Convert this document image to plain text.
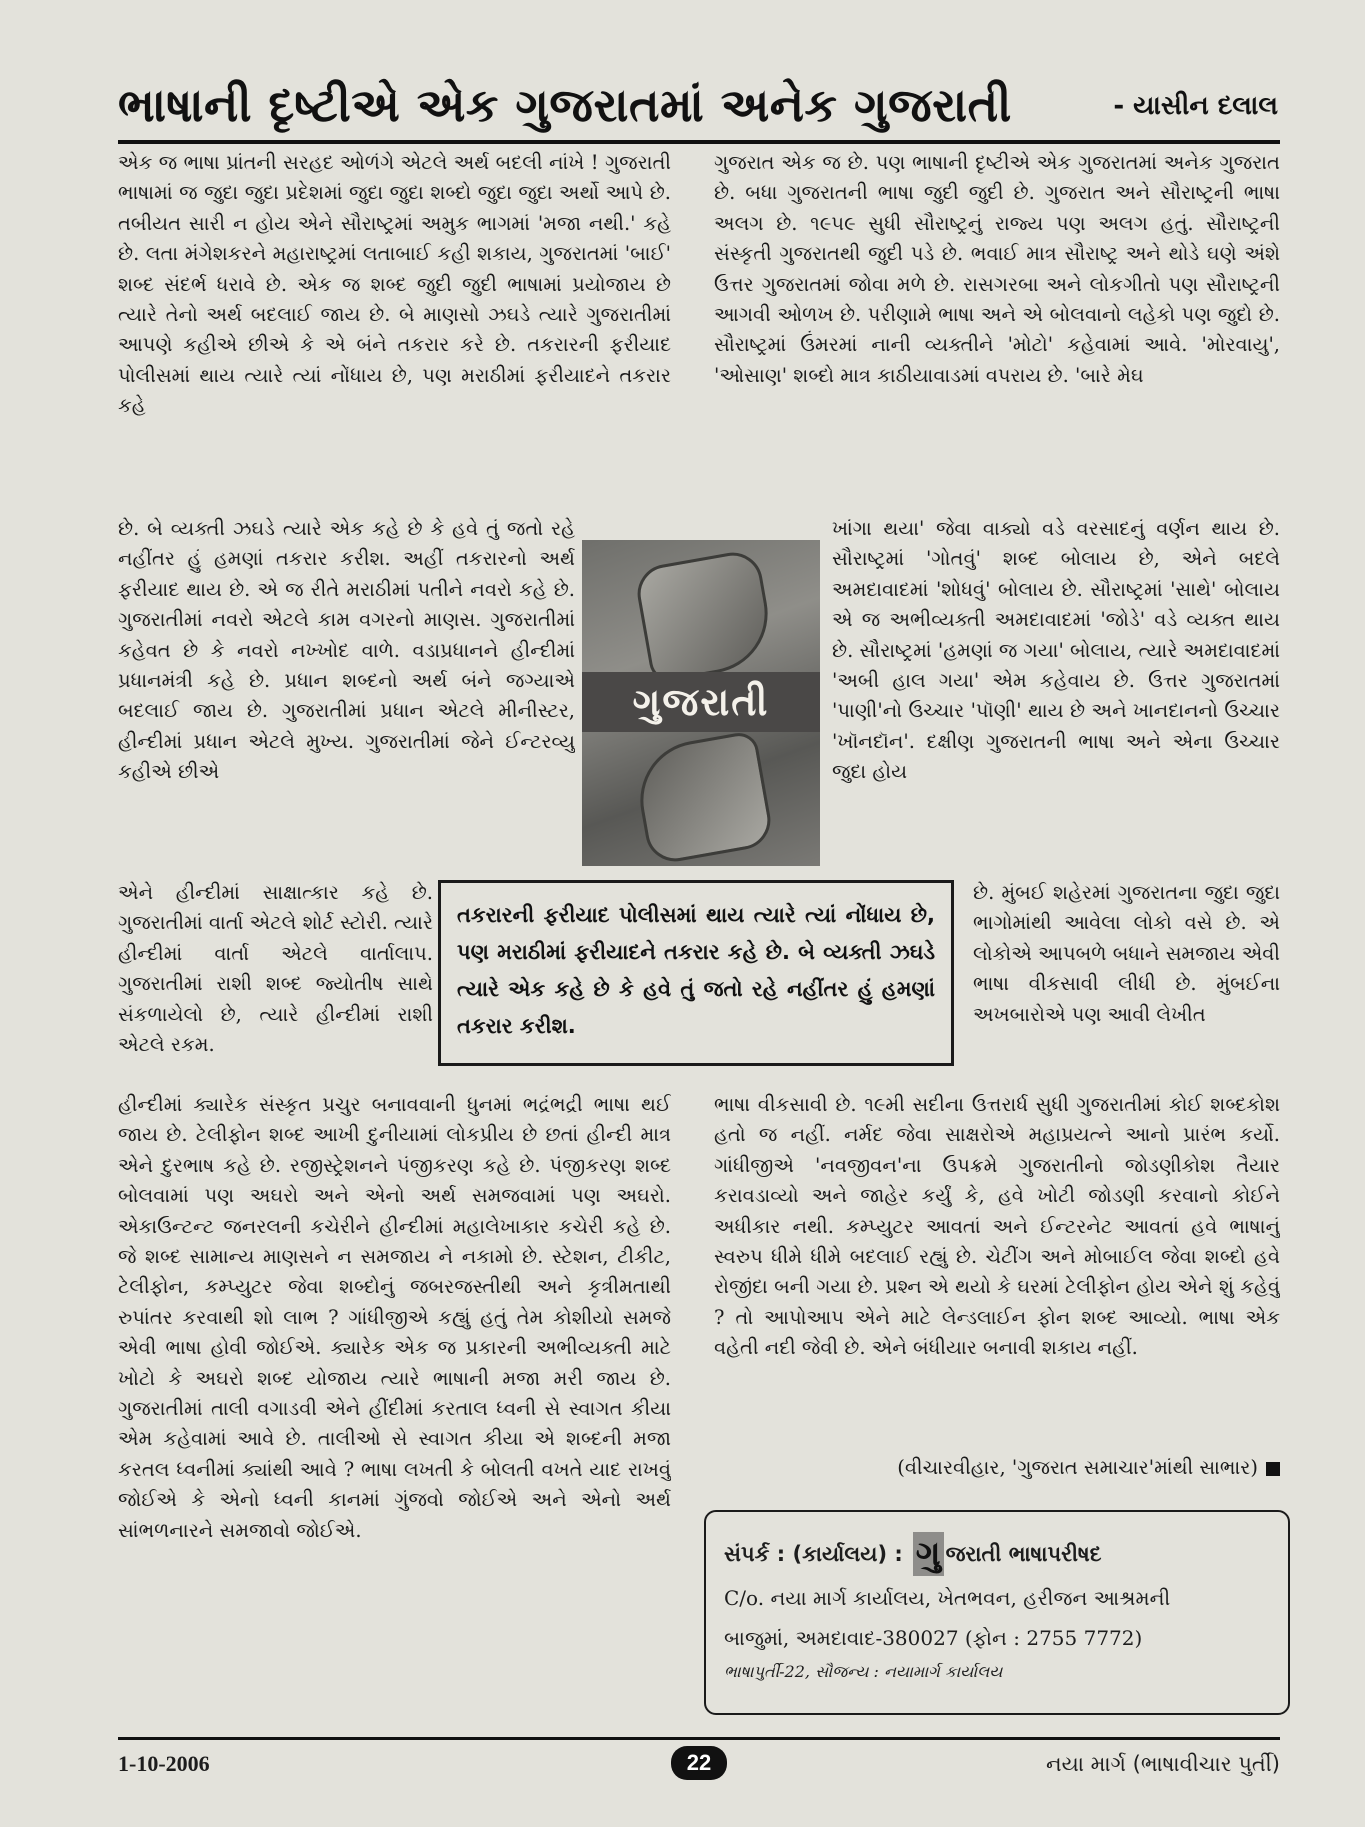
ભાષાની દૃષ્ટીએ એક ગુજરાતમાં અનેક ગુજરાતી	- યાસીન દલાલ

એક જ ભાષા પ્રાંતની સરહદ ઓળંગે એટલે અર્થ બદલી નાંખે ! ગુજરાતી ભાષામાં જ જુદા જુદા પ્રદેશમાં જુદા જુદા શબ્દો જુદા જુદા અર્થો આપે છે. તબીયત સારી ન હોય એને સૌરાષ્ટ્રમાં અમુક ભાગમાં 'મજા નથી.' કહે છે. લતા મંગેશકરને મહારાષ્ટ્રમાં લતાબાઈ કહી શકાય, ગુજરાતમાં 'બાઈ' શબ્દ સંદર્ભ ધરાવે છે. એક જ શબ્દ જુદી જુદી ભાષામાં પ્રયોજાય છે ત્યારે તેનો અર્થ બદલાઈ જાય છે. બે માણસો ઝઘડે ત્યારે ગુજરાતીમાં આપણે કહીએ છીએ કે એ બંને તકરાર કરે છે. તકરારની ફરીયાદ પોલીસમાં થાય ત્યારે ત્યાં નોંધાય છે, પણ મરાઠીમાં ફરીયાદને તકરાર કહે

છે. બે વ્યક્તી ઝઘડે ત્યારે એક કહે છે કે હવે તું જતો રહે નહીંતર હું હમણાં તકરાર કરીશ. અહીં તકરારનો અર્થ ફરીયાદ થાય છે. એ જ રીતે મરાઠીમાં પતીને નવરો કહે છે. ગુજરાતીમાં નવરો એટલે કામ વગરનો માણસ. ગુજરાતીમાં કહેવત છે કે નવરો નખ્ખોદ વાળે. વડાપ્રધાનને હીન્દીમાં પ્રધાનમંત્રી કહે છે. પ્રધાન શબ્દનો અર્થ બંને જગ્યાએ બદલાઈ જાય છે. ગુજરાતીમાં પ્રધાન એટલે મીનીસ્ટર, હીન્દીમાં પ્રધાન એટલે મુખ્ય. ગુજરાતીમાં જેને ઈન્ટરવ્યુ કહીએ છીએ

એને હીન્દીમાં સાક્ષાત્કાર કહે છે. ગુજરાતીમાં વાર્તા એટલે શોર્ટ સ્ટોરી. ત્યારે હીન્દીમાં વાર્તા એટલે વાર્તાલાપ. ગુજરાતીમાં રાશી શબ્દ જ્યોતીષ સાથે સંકળાયેલો છે, ત્યારે હીન્દીમાં રાશી એટલે રકમ.

હીન્દીમાં ક્યારેક સંસ્કૃત પ્રચુર બનાવવાની ધુનમાં ભદ્રંભદ્રી ભાષા થઈ જાય છે. ટેલીફોન શબ્દ આખી દુનીયામાં લોકપ્રીય છે છતાં હીન્દી માત્ર એને દુરભાષ કહે છે. રજીસ્ટ્રેશનને પંજીકરણ કહે છે. પંજીકરણ શબ્દ બોલવામાં પણ અઘરો અને એનો અર્થ સમજવામાં પણ અઘરો. એકાઉન્ટન્ટ જનરલની કચેરીને હીન્દીમાં મહાલેખાકાર કચેરી કહે છે. જે શબ્દ સામાન્ય માણસને ન સમજાય ને નકામો છે. સ્ટેશન, ટીકીટ, ટેલીફોન, કમ્પ્યુટર જેવા શબ્દોનું જબરજસ્તીથી અને કૃત્રીમતાથી રુપાંતર કરવાથી શો લાભ ? ગાંધીજીએ કહ્યું હતું તેમ કોશીયો સમજે એવી ભાષા હોવી જોઈએ. ક્યારેક એક જ પ્રકારની અભીવ્યક્તી માટે ખોટો કે અઘરો શબ્દ યોજાય ત્યારે ભાષાની મજા મરી જાય છે. ગુજરાતીમાં તાલી વગાડવી એને હીંદીમાં કરતાલ ધ્વની સે સ્વાગત કીયા એમ કહેવામાં આવે છે. તાલીઓ સે સ્વાગત કીયા એ શબ્દની મજા કરતલ ધ્વનીમાં ક્યાંથી આવે ? ભાષા લખતી કે બોલતી વખતે યાદ રાખવું જોઈએ કે એનો ધ્વની કાનમાં ગુંજવો જોઈએ અને એનો અર્થ સાંભળનારને સમજાવો જોઈએ.

ગુજરાત એક જ છે. પણ ભાષાની દૃષ્ટીએ એક ગુજરાતમાં અનેક ગુજરાત છે. બધા ગુજરાતની ભાષા જુદી જુદી છે. ગુજરાત અને સૌરાષ્ટ્રની ભાષા અલગ છે. ૧૯૫૯ સુધી સૌરાષ્ટ્રનું રાજ્ય પણ અલગ હતું. સૌરાષ્ટ્રની સંસ્કૃતી ગુજરાતથી જુદી પડે છે. ભવાઈ માત્ર સૌરાષ્ટ્ર અને થોડે ઘણે અંશે ઉત્તર ગુજરાતમાં જોવા મળે છે. રાસગરબા અને લોકગીતો પણ સૌરાષ્ટ્રની આગવી ઓળખ છે. પરીણામે ભાષા અને એ બોલવાનો લહેકો પણ જુદો છે. સૌરાષ્ટ્રમાં ઉંમરમાં નાની વ્યક્તીને 'મોટો' કહેવામાં આવે. 'મોરવાયુ', 'ઓસાણ' શબ્દો માત્ર કાઠીયાવાડમાં વપરાય છે. 'બારે મેઘ

ખાંગા થયા' જેવા વાક્યો વડે વરસાદનું વર્ણન થાય છે. સૌરાષ્ટ્રમાં 'ગોતવું' શબ્દ બોલાય છે, એને બદલે અમદાવાદમાં 'શોધવું' બોલાય છે. સૌરાષ્ટ્રમાં 'સાથે' બોલાય એ જ અભીવ્યક્તી અમદાવાદમાં 'જોડે' વડે વ્યક્ત થાય છે. સૌરાષ્ટ્રમાં 'હમણાં જ ગયા' બોલાય, ત્યારે અમદાવાદમાં 'અબી હાલ ગયા' એમ કહેવાય છે. ઉત્તર ગુજરાતમાં 'પાણી'નો ઉચ્ચાર 'પૉણી' થાય છે અને ખાનદાનનો ઉચ્ચાર 'ખૉનદૉન'. દક્ષીણ ગુજરાતની ભાષા અને એના ઉચ્ચાર જુદા હોય

છે. મુંબઈ શહેરમાં ગુજરાતના જુદા જુદા ભાગોમાંથી આવેલા લોકો વસે છે. એ લોકોએ આપબળે બધાને સમજાય એવી ભાષા વીકસાવી લીધી છે. મુંબઈના અખબારોએ પણ આવી લેખીત

ભાષા વીકસાવી છે. ૧૯મી સદીના ઉત્તરાર્ધ સુધી ગુજરાતીમાં કોઈ શબ્દકોશ હતો જ નહીં. નર્મદ જેવા સાક્ષરોએ મહાપ્રયત્ને આનો પ્રારંભ કર્યો. ગાંધીજીએ 'નવજીવન'ના ઉપક્રમે ગુજરાતીનો જોડણીકોશ તૈયાર કરાવડાવ્યો અને જાહેર કર્યું કે, હવે ખોટી જોડણી કરવાનો કોઈને અધીકાર નથી. કમ્પ્યુટર આવતાં અને ઈન્ટરનેટ આવતાં હવે ભાષાનું સ્વરુપ ધીમે ધીમે બદલાઈ રહ્યું છે. ચેટીંગ અને મોબાઈલ જેવા શબ્દો હવે રોજીંદા બની ગયા છે. પ્રશ્ન એ થયો કે ઘરમાં ટેલીફોન હોય એને શું કહેવું ? તો આપોઆપ એને માટે લેન્ડલાઈન ફોન શબ્દ આવ્યો. ભાષા એક વહેતી નદી જેવી છે. એને બંધીયાર બનાવી શકાય નહીં.

ગુજરાતી

તકરારની ફરીયાદ પોલીસમાં થાય ત્યારે ત્યાં નોંધાય છે, પણ મરાઠીમાં ફરીયાદને તકરાર કહે છે. બે વ્યક્તી ઝઘડે ત્યારે એક કહે છે કે હવે તું જતો રહે નહીંતર હું હમણાં તકરાર કરીશ.

(વીચારવીહાર, 'ગુજરાત સમાચાર'માંથી સાભાર)
સંપર્ક : (કાર્યાલય) : ગુ જરાતી ભાષાપરીષદ
C/o. નયા માર્ગ કાર્યાલય, ખેતભવન, હરીજન આશ્રમની
બાજુમાં, અમદાવાદ-380027 (ફોન : 2755 7772)
ભાષાપુર્તી-22, સૌજન્ય : નયામાર્ગ કાર્યાલય
1-10-2006	22	નયા માર્ગ (ભાષાવીચાર પુર્તી)
